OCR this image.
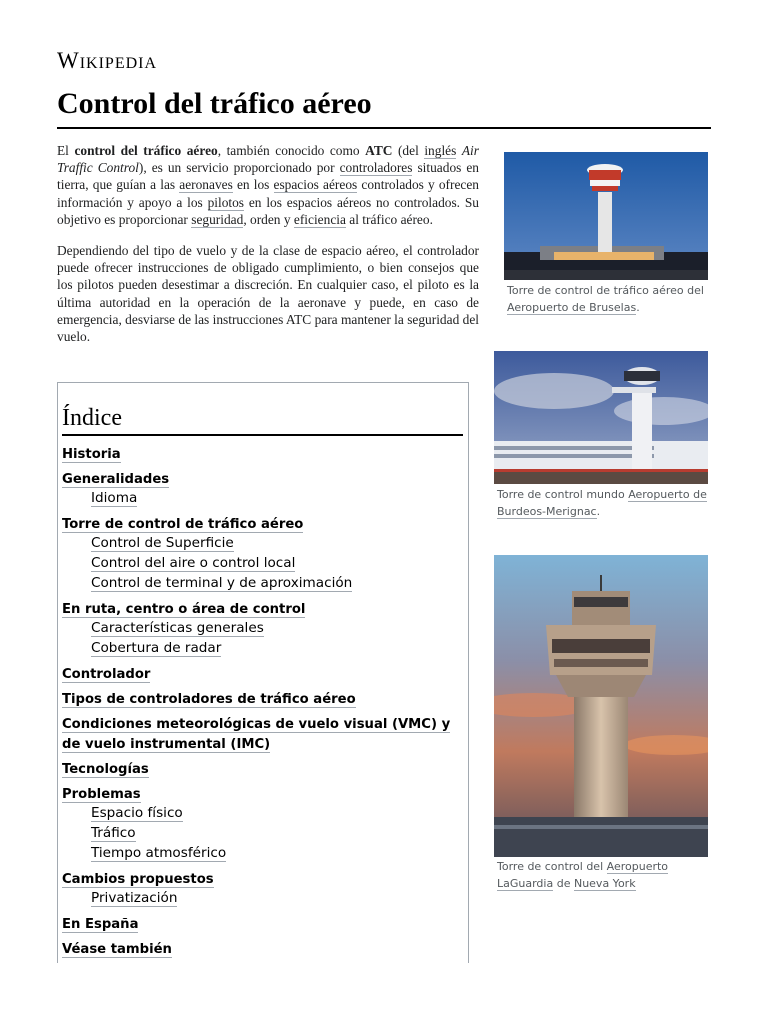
Wikipedia
Control del tráfico aéreo

El control del tráfico aéreo, también conocido como ATC (del inglés Air Traffic Control), es un servicio proporcionado por controladores situados en tierra, que guían a las aeronaves en los espacios aéreos controlados y ofrecen información y apoyo a los pilotos en los espacios aéreos no controlados. Su objetivo es proporcionar seguridad, orden y eficiencia al tráfico aéreo.

Dependiendo del tipo de vuelo y de la clase de espacio aéreo, el controlador puede ofrecer instrucciones de obligado cumplimiento, o bien consejos que los pilotos pueden desestimar a discreción. En cualquier caso, el piloto es la última autoridad en la operación de la aeronave y puede, en caso de emergencia, desviarse de las instrucciones ATC para mantener la seguridad del vuelo.

Índice
Historia
Generalidades
Idioma
Torre de control de tráfico aéreo
Control de Superficie
Control del aire o control local
Control de terminal y de aproximación
En ruta, centro o área de control
Características generales
Cobertura de radar
Controlador
Tipos de controladores de tráfico aéreo
Condiciones meteorológicas de vuelo visual (VMC) y de vuelo instrumental (IMC)
Tecnologías
Problemas
Espacio físico
Tráfico
Tiempo atmosférico
Cambios propuestos
Privatización
En España
Véase también
Torre de control de tráfico aéreo del Aeropuerto de Bruselas.
Torre de control mundo Aeropuerto de Burdeos-Merignac.
Torre de control del Aeropuerto LaGuardia de Nueva York
